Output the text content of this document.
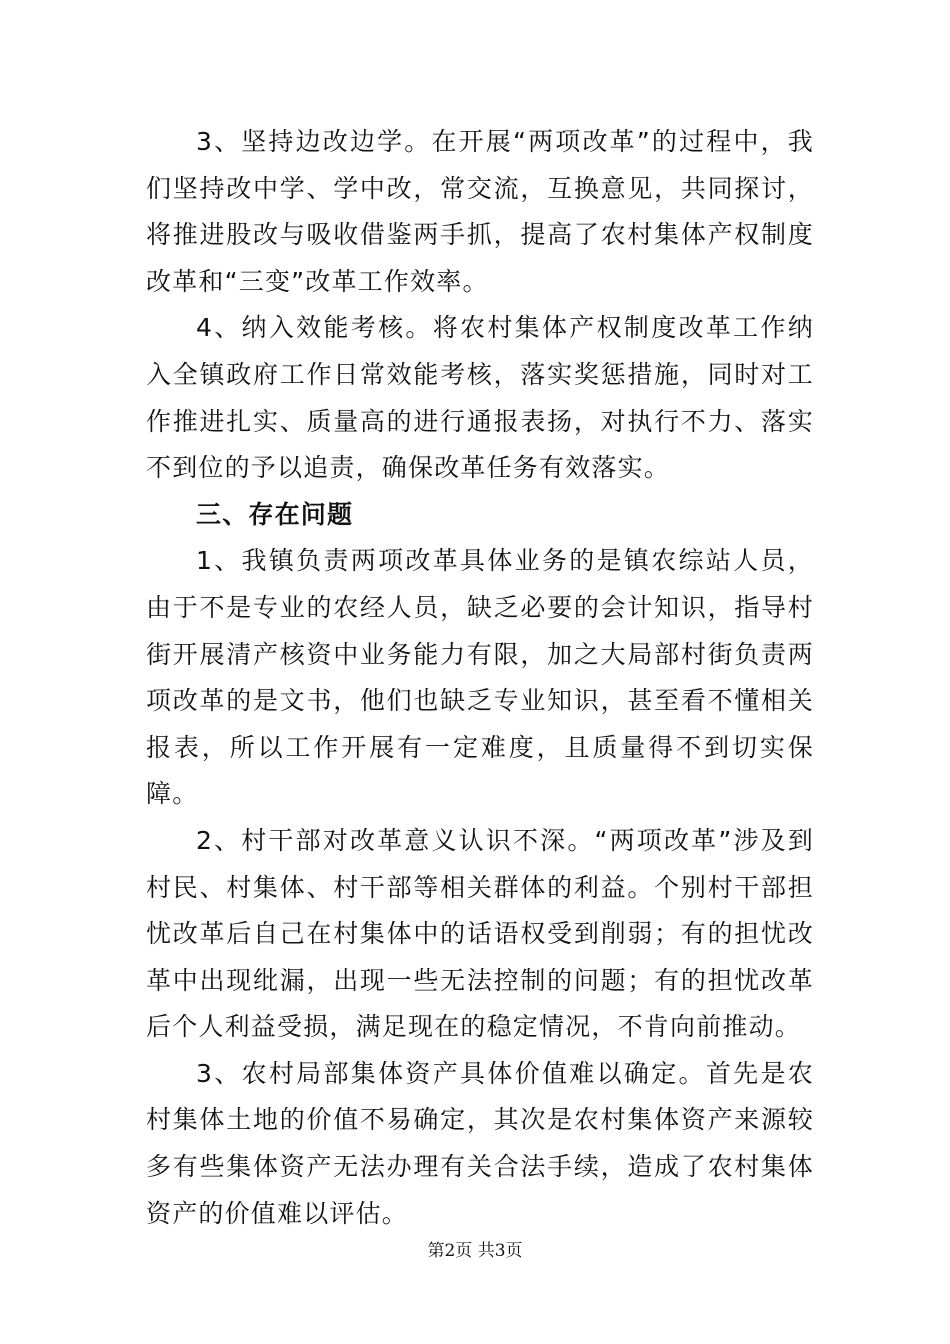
3、坚持边改边学。在开展“两项改革”的过程中，我们坚持改中学、学中改，常交流，互换意见，共同探讨，将推进股改与吸收借鉴两手抓，提高了农村集体产权制度改革和“三变”改革工作效率。

4、纳入效能考核。将农村集体产权制度改革工作纳入全镇政府工作日常效能考核，落实奖惩措施，同时对工作推进扎实、质量高的进行通报表扬，对执行不力、落实不到位的予以追责，确保改革任务有效落实。

三、存在问题

1、我镇负责两项改革具体业务的是镇农综站人员，由于不是专业的农经人员，缺乏必要的会计知识，指导村街开展清产核资中业务能力有限，加之大局部村街负责两项改革的是文书，他们也缺乏专业知识，甚至看不懂相关报表，所以工作开展有一定难度，且质量得不到切实保障。

2、村干部对改革意义认识不深。“两项改革”涉及到村民、村集体、村干部等相关群体的利益。个别村干部担忧改革后自己在村集体中的话语权受到削弱；有的担忧改革中出现纰漏，出现一些无法控制的问题；有的担忧改革后个人利益受损，满足现在的稳定情况，不肯向前推动。

3、农村局部集体资产具体价值难以确定。首先是农村集体土地的价值不易确定，其次是农村集体资产来源较多有些集体资产无法办理有关合法手续，造成了农村集体资产的价值难以评估。

第2页 共3页
